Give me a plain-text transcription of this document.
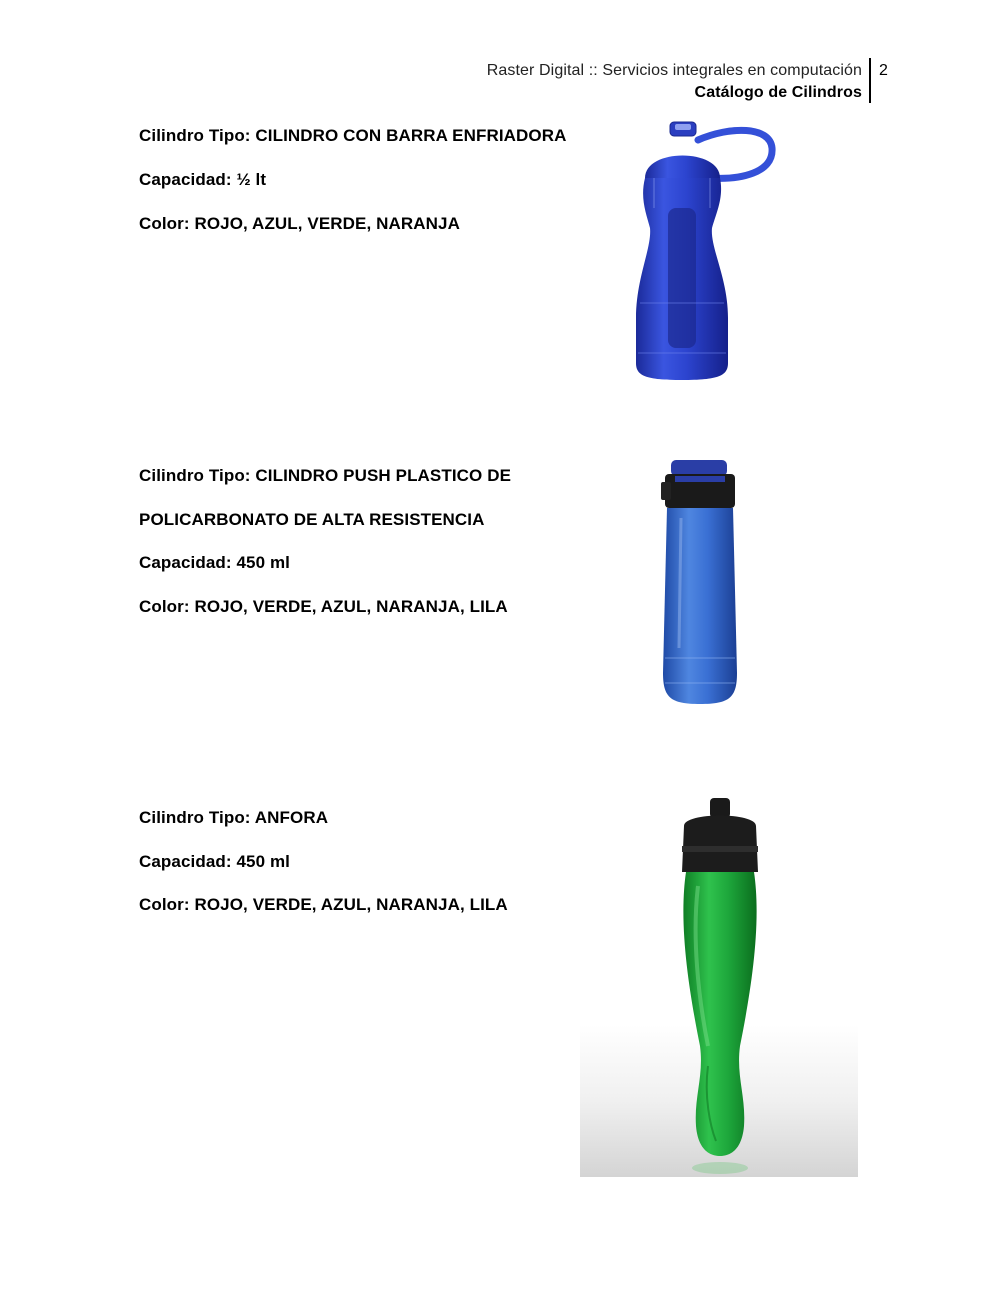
Raster Digital :: Servicios integrales en computación
Catálogo de Cilindros
2
Cilindro Tipo: CILINDRO CON BARRA ENFRIADORA
Capacidad: ½ lt
Color: ROJO, AZUL, VERDE, NARANJA
Cilindro Tipo: CILINDRO PUSH PLASTICO DE
POLICARBONATO DE ALTA RESISTENCIA
Capacidad: 450 ml
Color: ROJO, VERDE, AZUL, NARANJA, LILA
Cilindro Tipo: ANFORA
Capacidad: 450 ml
Color: ROJO, VERDE, AZUL, NARANJA, LILA
